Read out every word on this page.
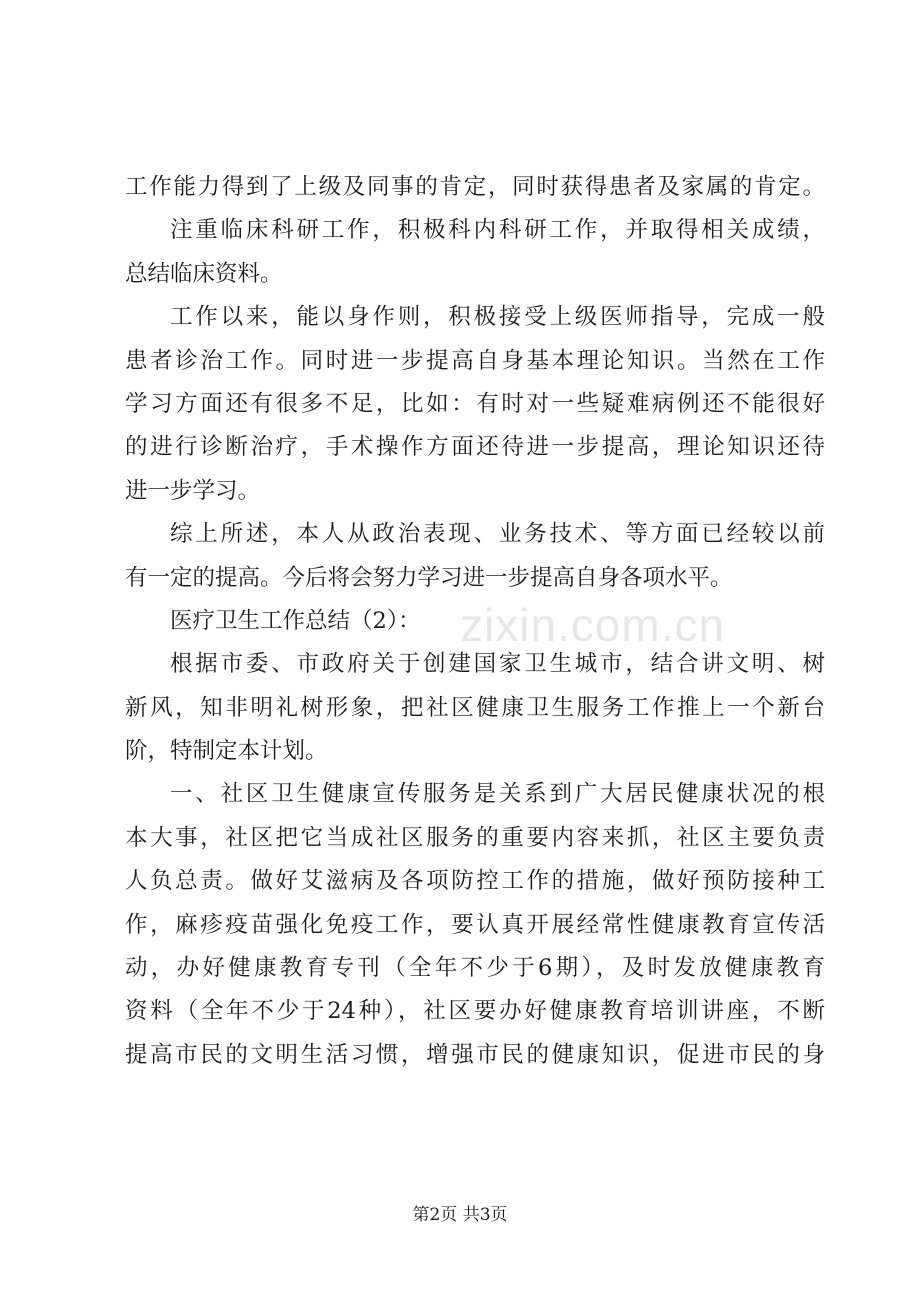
工作能力得到了上级及同事的肯定，同时获得患者及家属的肯定。
注重临床科研工作，积极科内科研工作，并取得相关成绩，
总结临床资料。
工作以来，能以身作则，积极接受上级医师指导，完成一般
患者诊治工作。同时进一步提高自身基本理论知识。当然在工作
学习方面还有很多不足，比如：有时对一些疑难病例还不能很好
的进行诊断治疗，手术操作方面还待进一步提高，理论知识还待
进一步学习。
综上所述，本人从政治表现、业务技术、等方面已经较以前
有一定的提高。今后将会努力学习进一步提高自身各项水平。
医疗卫生工作总结（2）：
根据市委、市政府关于创建国家卫生城市，结合讲文明、树
新风，知非明礼树形象，把社区健康卫生服务工作推上一个新台
阶，特制定本计划。
一、社区卫生健康宣传服务是关系到广大居民健康状况的根
本大事，社区把它当成社区服务的重要内容来抓，社区主要负责
人负总责。做好艾滋病及各项防控工作的措施，做好预防接种工
作，麻疹疫苗强化免疫工作，要认真开展经常性健康教育宣传活
动，办好健康教育专刊（全年不少于6期），及时发放健康教育
资料（全年不少于24种），社区要办好健康教育培训讲座，不断
提高市民的文明生活习惯，增强市民的健康知识，促进市民的身
zixin.com.cn
第2页 共3页
